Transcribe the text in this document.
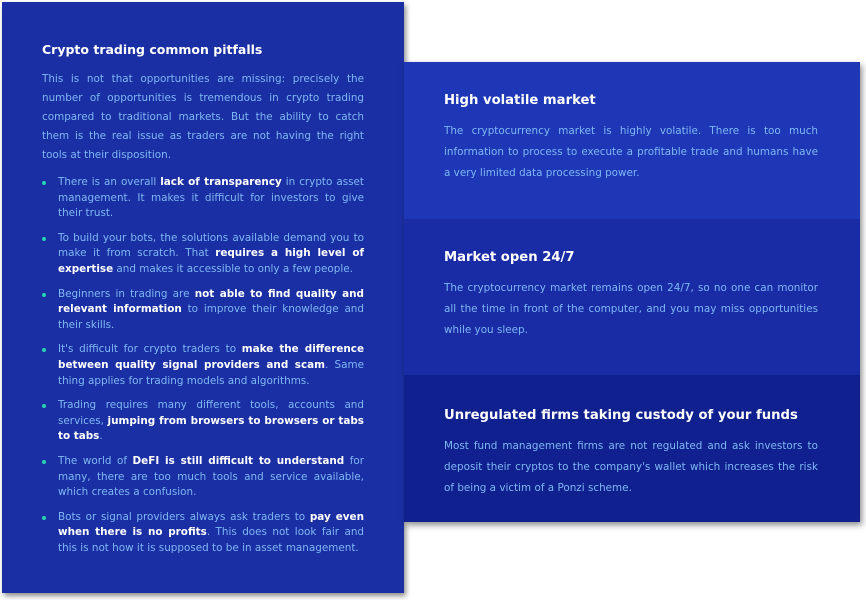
Crypto trading common pitfalls

This is not that opportunities are missing: precisely the number of opportunities is tremendous in crypto trading compared to traditional markets. But the ability to catch them is the real issue as traders are not having the right tools at their disposition.

There is an overall lack of transparency in crypto asset management. It makes it difficult for investors to give their trust.
To build your bots, the solutions available demand you to make it from scratch. That requires a high level of expertise and makes it accessible to only a few people.
Beginners in trading are not able to find quality and relevant information to improve their knowledge and their skills.
It's difficult for crypto traders to make the difference between quality signal providers and scam. Same thing applies for trading models and algorithms.
Trading requires many different tools, accounts and services, jumping from browsers to browsers or tabs to tabs.
The world of DeFI is still difficult to understand for many, there are too much tools and service available, which creates a confusion.
Bots or signal providers always ask traders to pay even when there is no profits. This does not look fair and this is not how it is supposed to be in asset management.
High volatile market

The cryptocurrency market is highly volatile. There is too much information to process to execute a profitable trade and humans have a very limited data processing power.

Market open 24/7

The cryptocurrency market remains open 24/7, so no one can monitor all the time in front of the computer, and you may miss opportunities while you sleep.

Unregulated firms taking custody of your funds

Most fund management firms are not regulated and ask investors to deposit their cryptos to the company's wallet which increases the risk of being a victim of a Ponzi scheme.
